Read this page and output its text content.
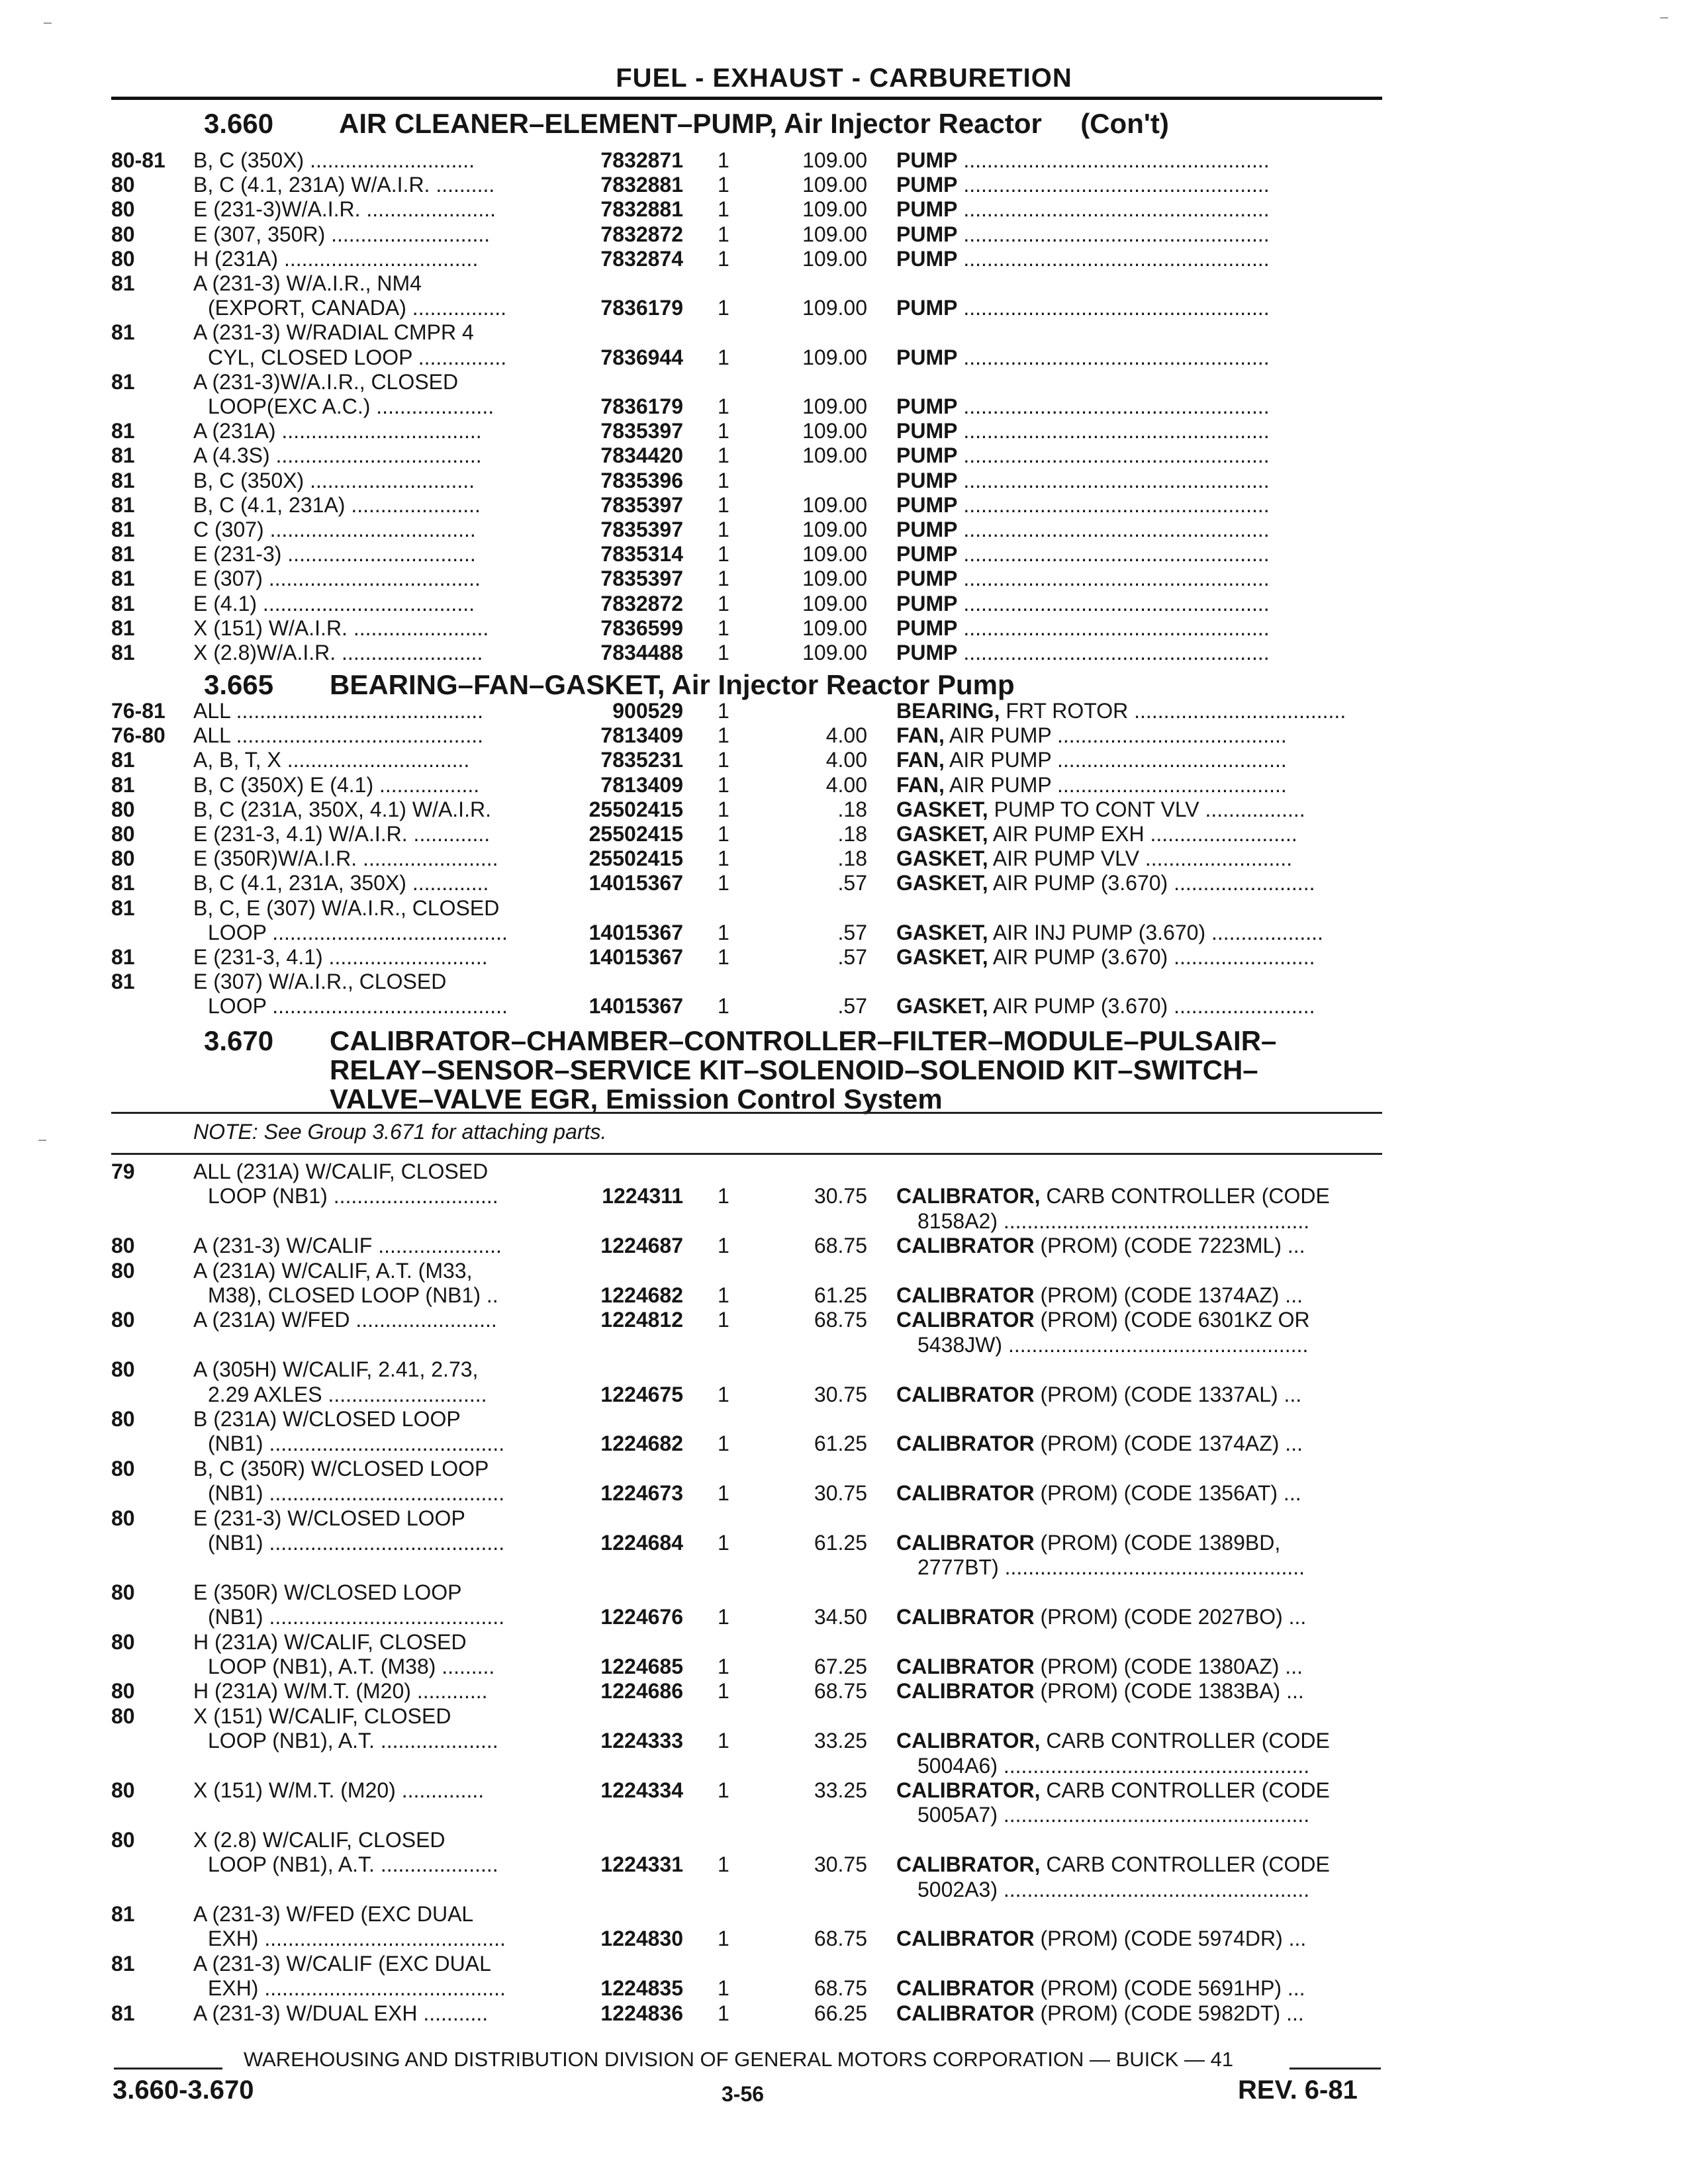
FUEL - EXHAUST - CARBURETION
3.660 AIR CLEANER–ELEMENT–PUMP, Air Injector Reactor     (Con't)
80-81 B, C (350X) ............................	7832871 1	109.00 PUMP ....................................................
80	B, C (4.1, 231A) W/A.I.R. ..........	7832881 1	109.00 PUMP ....................................................
80	E (231-3)W/A.I.R. ......................	7832881 1	109.00 PUMP ....................................................
80	E (307, 350R) ...........................	7832872 1	109.00 PUMP ....................................................
80	H (231A) .................................	7832874 1	109.00 PUMP ....................................................
81	A (231-3) W/A.I.R., NM4
(EXPORT, CANADA) ................	7836179 1	109.00 PUMP ....................................................
81	A (231-3) W/RADIAL CMPR 4
CYL, CLOSED LOOP ...............	7836944 1	109.00 PUMP ....................................................
81	A (231-3)W/A.I.R., CLOSED
LOOP(EXC A.C.) ....................	7836179 1	109.00 PUMP ....................................................
81	A (231A) ..................................	7835397 1	109.00 PUMP ....................................................
81	A (4.3S) ...................................	7834420 1	109.00 PUMP ....................................................
81	B, C (350X) ............................	7835396 1	PUMP ....................................................
81	B, C (4.1, 231A) ......................	7835397 1	109.00 PUMP ....................................................
81	C (307) ...................................	7835397 1	109.00 PUMP ....................................................
81	E (231-3) ................................	7835314 1	109.00 PUMP ....................................................
81	E (307) ....................................	7835397 1	109.00 PUMP ....................................................
81	E (4.1) ....................................	7832872 1	109.00 PUMP ....................................................
81	X (151) W/A.I.R. .......................	7836599 1	109.00 PUMP ....................................................
81	X (2.8)W/A.I.R. ........................	7834488 1	109.00 PUMP ....................................................
3.665 BEARING–FAN–GASKET, Air Injector Reactor Pump
76-81 ALL ..........................................	900529 1	BEARING, FRT ROTOR ....................................
76-80 ALL ..........................................	7813409 1	4.00 FAN, AIR PUMP .......................................
81	A, B, T, X ...............................	7835231 1	4.00 FAN, AIR PUMP .......................................
81	B, C (350X) E (4.1) .................	7813409 1	4.00 FAN, AIR PUMP .......................................
80	B, C (231A, 350X, 4.1) W/A.I.R.	25502415 1	.18 GASKET, PUMP TO CONT VLV .................
80	E (231-3, 4.1) W/A.I.R. .............	25502415 1	.18 GASKET, AIR PUMP EXH .........................
80	E (350R)W/A.I.R. .......................	25502415 1	.18 GASKET, AIR PUMP VLV .........................
81	B, C (4.1, 231A, 350X) .............	14015367 1	.57 GASKET, AIR PUMP (3.670) ........................
81	B, C, E (307) W/A.I.R., CLOSED
LOOP ........................................	14015367 1	.57 GASKET, AIR INJ PUMP (3.670) ...................
81	E (231-3, 4.1) ...........................	14015367 1	.57 GASKET, AIR PUMP (3.670) ........................
81	E (307) W/A.I.R., CLOSED
LOOP ........................................	14015367 1	.57 GASKET, AIR PUMP (3.670) ........................
3.670 CALIBRATOR–CHAMBER–CONTROLLER–FILTER–MODULE–PULSAIR–
RELAY–SENSOR–SERVICE KIT–SOLENOID–SOLENOID KIT–SWITCH–
VALVE–VALVE EGR, Emission Control System
NOTE: See Group 3.671 for attaching parts.
79	ALL (231A) W/CALIF, CLOSED
LOOP (NB1) ............................	1224311 1	30.75 CALIBRATOR, CARB CONTROLLER (CODE
8158A2) ....................................................
80	A (231-3) W/CALIF .....................	1224687 1	68.75 CALIBRATOR (PROM) (CODE 7223ML) ...
80	A (231A) W/CALIF, A.T. (M33,
M38), CLOSED LOOP (NB1) ..	1224682 1	61.25 CALIBRATOR (PROM) (CODE 1374AZ) ...
80	A (231A) W/FED ........................	1224812 1	68.75 CALIBRATOR (PROM) (CODE 6301KZ OR
5438JW) ...................................................
80	A (305H) W/CALIF, 2.41, 2.73,
2.29 AXLES ...........................	1224675 1	30.75 CALIBRATOR (PROM) (CODE 1337AL) ...
80	B (231A) W/CLOSED LOOP
(NB1) ........................................	1224682 1	61.25 CALIBRATOR (PROM) (CODE 1374AZ) ...
80	B, C (350R) W/CLOSED LOOP
(NB1) ........................................	1224673 1	30.75 CALIBRATOR (PROM) (CODE 1356AT) ...
80	E (231-3) W/CLOSED LOOP
(NB1) ........................................	1224684 1	61.25 CALIBRATOR (PROM) (CODE 1389BD,
2777BT) ...................................................
80	E (350R) W/CLOSED LOOP
(NB1) ........................................	1224676 1	34.50 CALIBRATOR (PROM) (CODE 2027BO) ...
80	H (231A) W/CALIF, CLOSED
LOOP (NB1), A.T. (M38) .........	1224685 1	67.25 CALIBRATOR (PROM) (CODE 1380AZ) ...
80	H (231A) W/M.T. (M20) ............	1224686 1	68.75 CALIBRATOR (PROM) (CODE 1383BA) ...
80	X (151) W/CALIF, CLOSED
LOOP (NB1), A.T. ....................	1224333 1	33.25 CALIBRATOR, CARB CONTROLLER (CODE
5004A6) ....................................................
80	X (151) W/M.T. (M20) ..............	1224334 1	33.25 CALIBRATOR, CARB CONTROLLER (CODE
5005A7) ....................................................
80	X (2.8) W/CALIF, CLOSED
LOOP (NB1), A.T. ....................	1224331 1	30.75 CALIBRATOR, CARB CONTROLLER (CODE
5002A3) ....................................................
81	A (231-3) W/FED (EXC DUAL
EXH) .........................................	1224830 1	68.75 CALIBRATOR (PROM) (CODE 5974DR) ...
81	A (231-3) W/CALIF (EXC DUAL
EXH) .........................................	1224835 1	68.75 CALIBRATOR (PROM) (CODE 5691HP) ...
81	A (231-3) W/DUAL EXH ...........	1224836 1	66.25 CALIBRATOR (PROM) (CODE 5982DT) ...
WAREHOUSING AND DISTRIBUTION DIVISION OF GENERAL MOTORS CORPORATION — BUICK — 41
3.660-3.670	3-56	REV. 6-81
